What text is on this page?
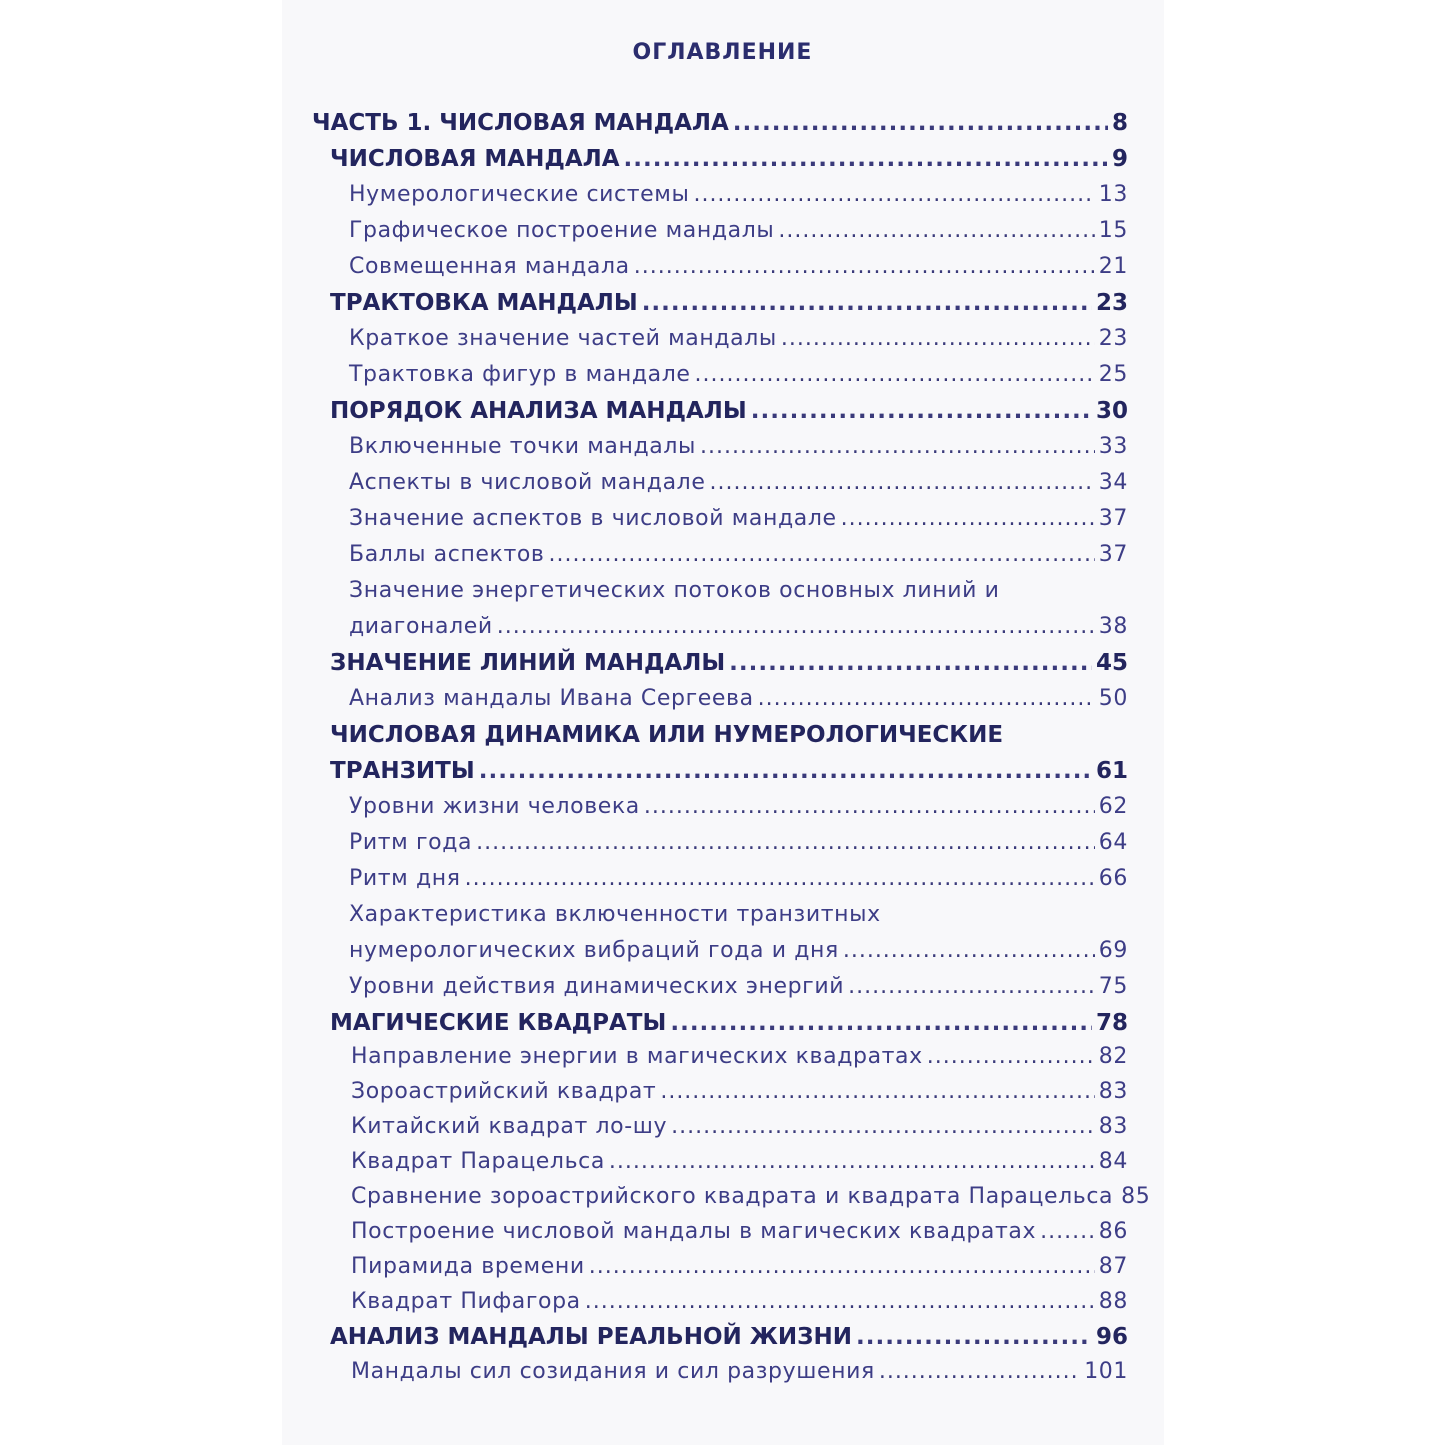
ОГЛАВЛЕНИЕ
ЧАСТЬ 1. ЧИСЛОВАЯ МАНДАЛА .....	8
ЧИСЛОВАЯ МАНДАЛА .....	9
Нумерологические системы .....	13
Графическое построение мандалы .....	15
Совмещенная мандала .....	21
ТРАКТОВКА МАНДАЛЫ .....	23
Краткое значение частей мандалы .....	23
Трактовка фигур в мандале .....	25
ПОРЯДОК АНАЛИЗА МАНДАЛЫ .....	30
Включенные точки мандалы .....	33
Аспекты в числовой мандале .....	34
Значение аспектов в числовой мандале .....	37
Баллы аспектов .....	37
Значение энергетических потоков основных линий и
диагоналей .....	38
ЗНАЧЕНИЕ ЛИНИЙ МАНДАЛЫ .....	45
Анализ мандалы Ивана Сергеева .....	50
ЧИСЛОВАЯ ДИНАМИКА ИЛИ НУМЕРОЛОГИЧЕСКИЕ
ТРАНЗИТЫ .....	61
Уровни жизни человека .....	62
Ритм года .....	64
Ритм дня .....	66
Характеристика включенности транзитных
нумерологических вибраций года и дня .....	69
Уровни действия динамических энергий .....	75
МАГИЧЕСКИЕ КВАДРАТЫ .....	78
Направление энергии в магических квадратах .....	82
Зороастрийский квадрат .....	83
Китайский квадрат ло-шу .....	83
Квадрат Парацельса .....	84
Сравнение зороастрийского квадрата и квадрата Парацельса 85
Построение числовой мандалы в магических квадратах .....	86
Пирамида времени .....	87
Квадрат Пифагора .....	88
АНАЛИЗ МАНДАЛЫ РЕАЛЬНОЙ ЖИЗНИ .....	96
Мандалы сил созидания и сил разрушения .....	101
